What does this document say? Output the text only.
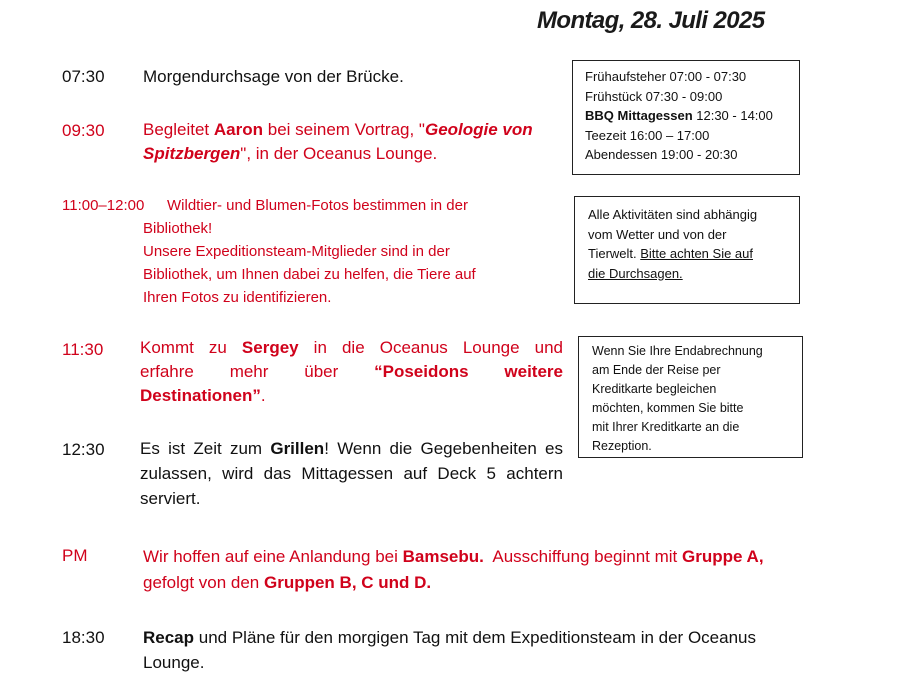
Montag, 28. Juli 2025
07:30 Morgendurchsage von der Brücke.
09:30 Begleitet Aaron bei seinem Vortrag, "Geologie von
Spitzbergen", in der Oceanus Lounge.
11:00–12:00 Wildtier- und Blumen-Fotos bestimmen in der
Bibliothek!
Unsere Expeditionsteam-Mitglieder sind in der
Bibliothek, um Ihnen dabei zu helfen, die Tiere auf
Ihren Fotos zu identifizieren.
11:30 Kommt zu Sergey in die Oceanus Lounge und
erfahre mehr über “Poseidons weitere
Destinationen”.
12:30 Es ist Zeit zum Grillen! Wenn die Gegebenheiten es
zulassen, wird das Mittagessen auf Deck 5 achtern
serviert.
PM	Wir hoffen auf eine Anlandung bei Bamsebu.  Ausschiffung beginnt mit Gruppe A,
gefolgt von den Gruppen B, C und D.
18:30 Recap und Pläne für den morgigen Tag mit dem Expeditionsteam in der Oceanus
Lounge.
Frühaufsteher 07:00 - 07:30
Frühstück 07:30 - 09:00
BBQ Mittagessen 12:30 - 14:00
Teezeit 16:00 – 17:00
Abendessen 19:00 - 20:30
Alle Aktivitäten sind abhängig
vom Wetter und von der
Tierwelt. Bitte achten Sie auf
die Durchsagen.
Wenn Sie Ihre Endabrechnung
am Ende der Reise per
Kreditkarte begleichen
möchten, kommen Sie bitte
mit Ihrer Kreditkarte an die
Rezeption.
